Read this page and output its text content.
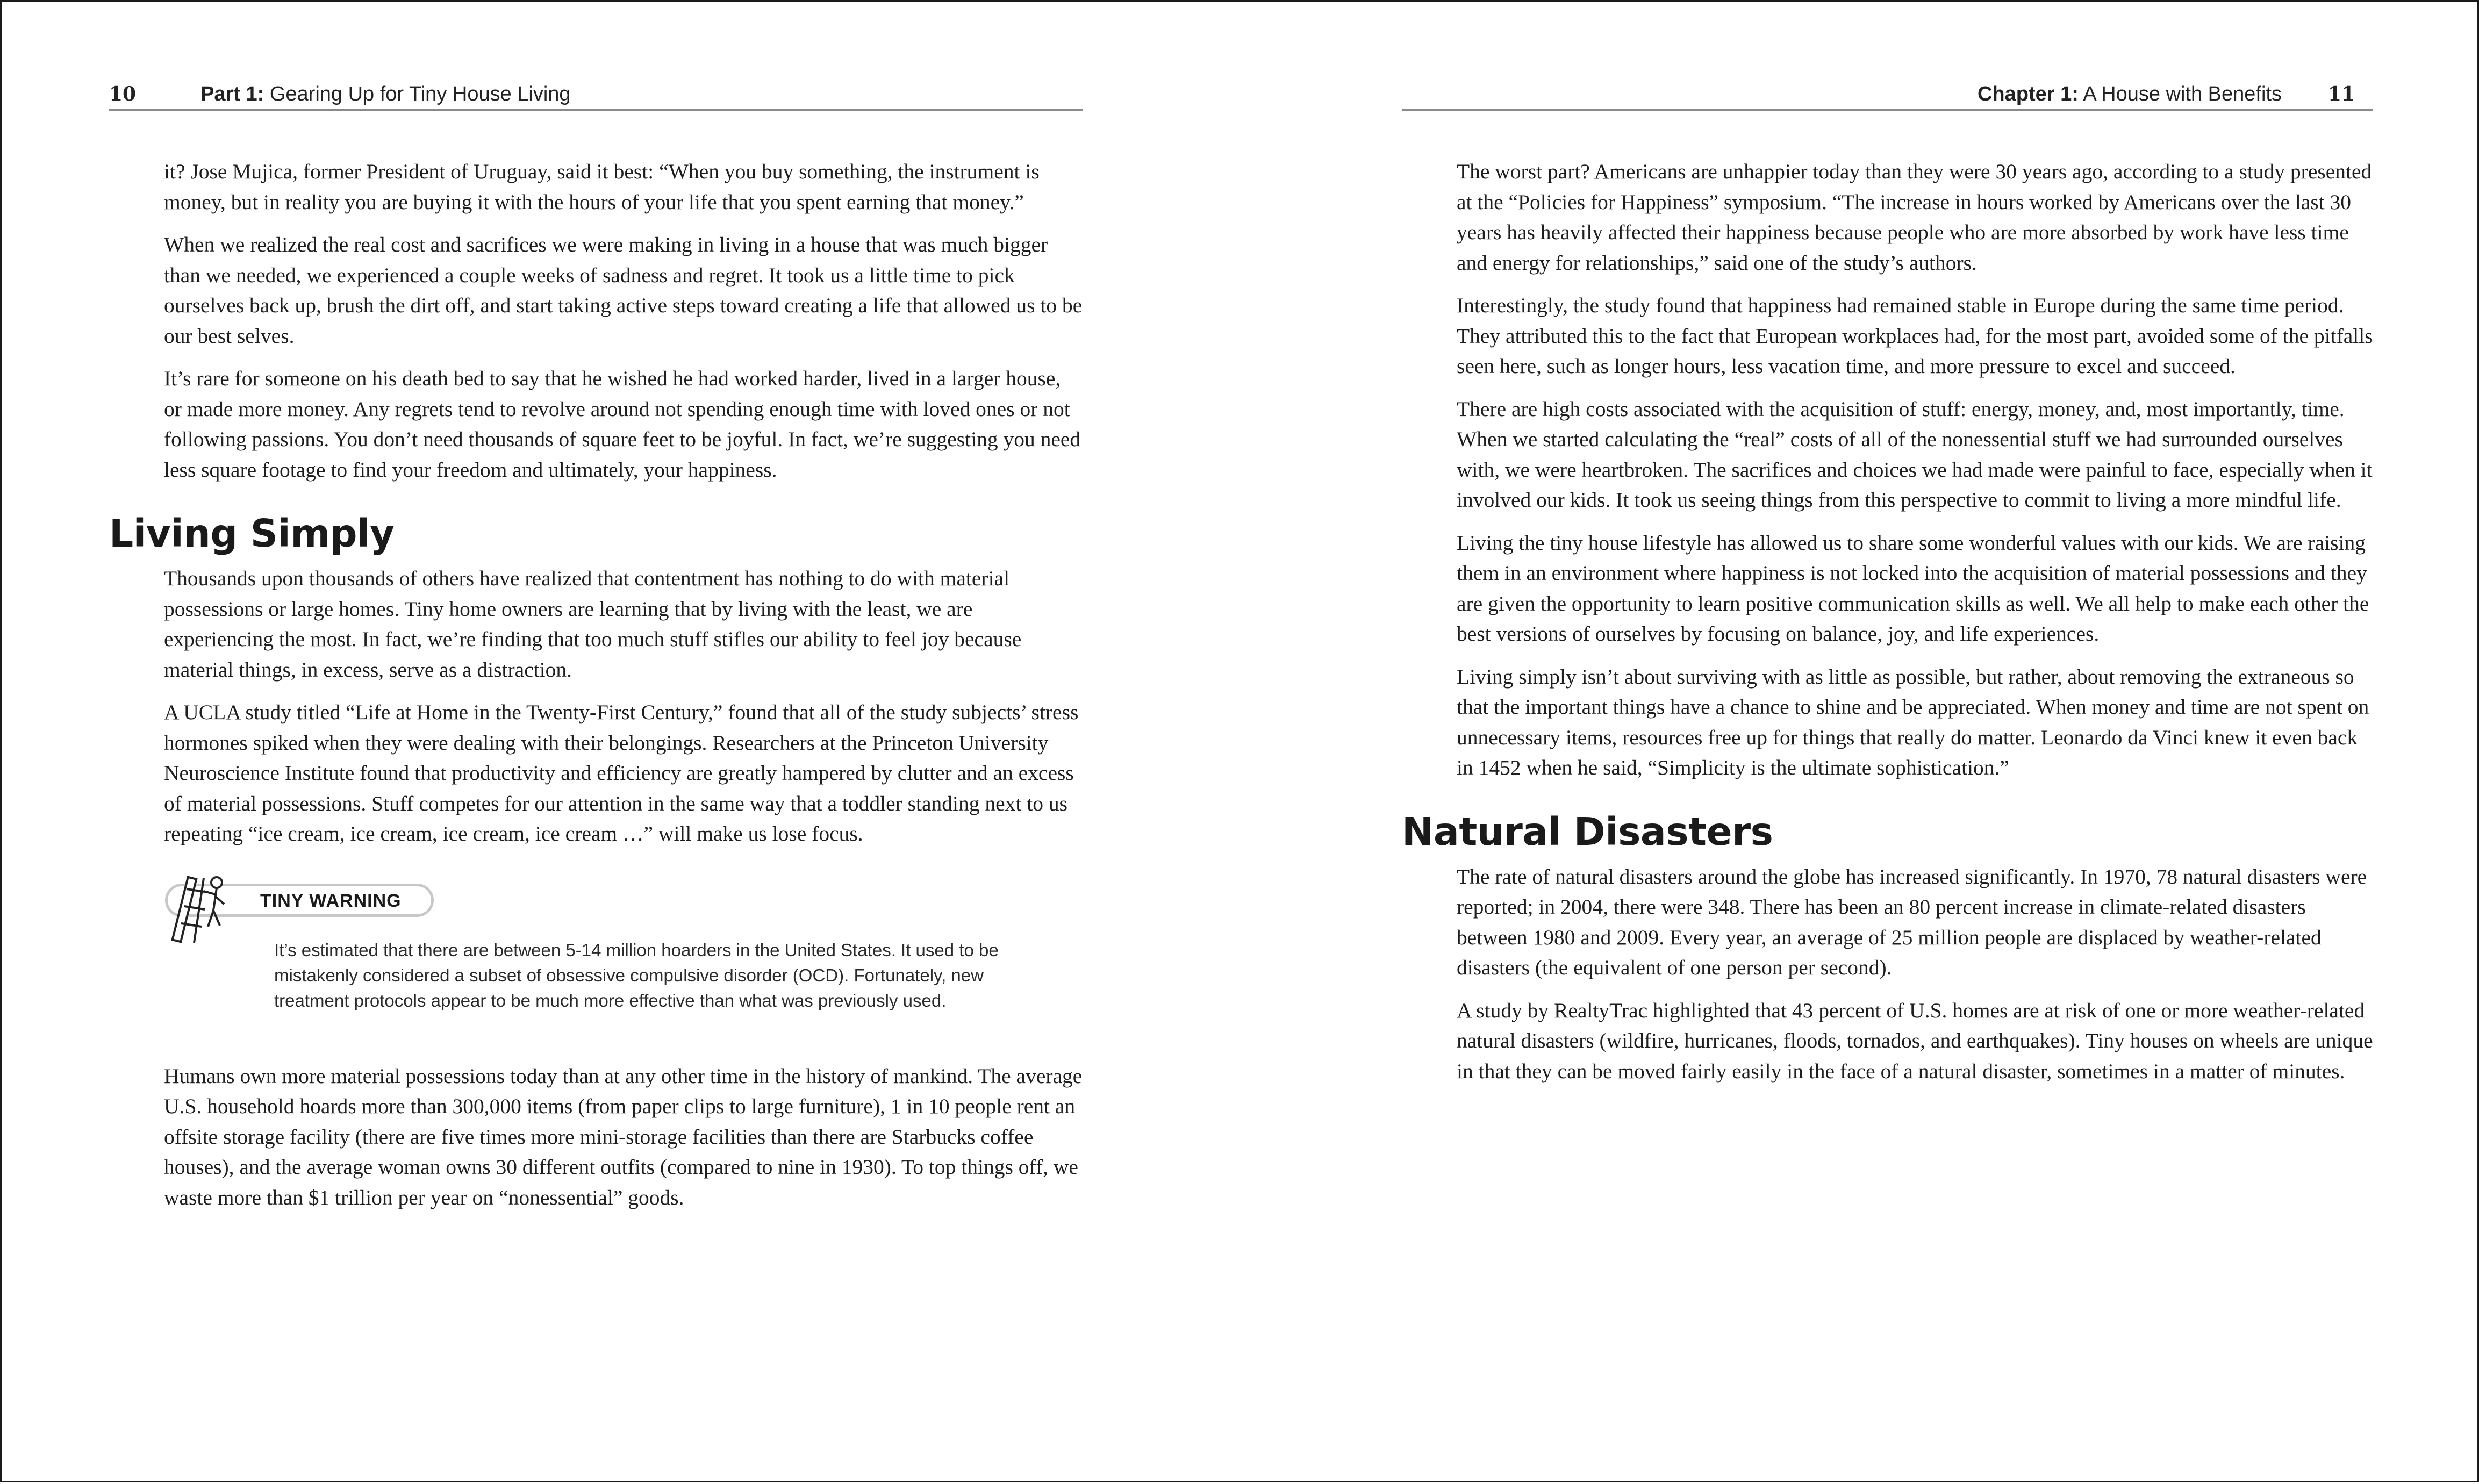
10	Part 1: Gearing Up for Tiny House Living

it? Jose Mujica, former President of Uruguay, said it best: “When you buy something, the instrument is money, but in reality you are buying it with the hours of your life that you spent earning that money.”

When we realized the real cost and sacrifices we were making in living in a house that was much bigger than we needed, we experienced a couple weeks of sadness and regret. It took us a little time to pick ourselves back up, brush the dirt off, and start taking active steps toward creating a life that allowed us to be our best selves.

It’s rare for someone on his death bed to say that he wished he had worked harder, lived in a larger house, or made more money. Any regrets tend to revolve around not spending enough time with loved ones or not following passions. You don’t need thousands of square feet to be joyful. In fact, we’re suggesting you need less square footage to find your freedom and ultimately, your happiness.

Living Simply

Thousands upon thousands of others have realized that contentment has nothing to do with material possessions or large homes. Tiny home owners are learning that by living with the least, we are experiencing the most. In fact, we’re finding that too much stuff stifles our ability to feel joy because material things, in excess, serve as a distraction.

A UCLA study titled “Life at Home in the Twenty-First Century,” found that all of the study subjects’ stress hormones spiked when they were dealing with their belongings. Researchers at the Princeton University Neuroscience Institute found that productivity and efficiency are greatly hampered by clutter and an excess of material possessions. Stuff competes for our attention in the same way that a toddler standing next to us repeating “ice cream, ice cream, ice cream, ice cream …” will make us lose focus.

TINY WARNING
It’s estimated that there are between 5-14 million hoarders in the United States. It used to be mistakenly considered a subset of obsessive compulsive disorder (OCD). Fortunately, new treatment protocols appear to be much more effective than what was previously used.

Humans own more material possessions today than at any other time in the history of mankind. The average U.S. household hoards more than 300,000 items (from paper clips to large furniture), 1 in 10 people rent an offsite storage facility (there are five times more mini-storage facilities than there are Starbucks coffee houses), and the average woman owns 30 different outfits (compared to nine in 1930). To top things off, we waste more than $1 trillion per year on “nonessential” goods.

Chapter 1: A House with Benefits 11

The worst part? Americans are unhappier today than they were 30 years ago, according to a study presented at the “Policies for Happiness” symposium. “The increase in hours worked by Americans over the last 30 years has heavily affected their happiness because people who are more absorbed by work have less time and energy for relationships,” said one of the study’s authors.

Interestingly, the study found that happiness had remained stable in Europe during the same time period. They attributed this to the fact that European workplaces had, for the most part, avoided some of the pitfalls seen here, such as longer hours, less vacation time, and more pressure to excel and succeed.

There are high costs associated with the acquisition of stuff: energy, money, and, most importantly, time. When we started calculating the “real” costs of all of the nonessential stuff we had surrounded ourselves with, we were heartbroken. The sacrifices and choices we had made were painful to face, especially when it involved our kids. It took us seeing things from this perspective to commit to living a more mindful life.

Living the tiny house lifestyle has allowed us to share some wonderful values with our kids. We are raising them in an environment where happiness is not locked into the acquisition of material possessions and they are given the opportunity to learn positive communication skills as well. We all help to make each other the best versions of ourselves by focusing on balance, joy, and life experiences.

Living simply isn’t about surviving with as little as possible, but rather, about removing the extraneous so that the important things have a chance to shine and be appreciated. When money and time are not spent on unnecessary items, resources free up for things that really do matter. Leonardo da Vinci knew it even back in 1452 when he said, “Simplicity is the ultimate sophistication.”

Natural Disasters

The rate of natural disasters around the globe has increased significantly. In 1970, 78 natural disasters were reported; in 2004, there were 348. There has been an 80 percent increase in climate-related disasters between 1980 and 2009. Every year, an average of 25 million people are displaced by weather-related disasters (the equivalent of one person per second).

A study by RealtyTrac highlighted that 43 percent of U.S. homes are at risk of one or more weather-related natural disasters (wildfire, hurricanes, floods, tornados, and earthquakes). Tiny houses on wheels are unique in that they can be moved fairly easily in the face of a natural disaster, sometimes in a matter of minutes.
